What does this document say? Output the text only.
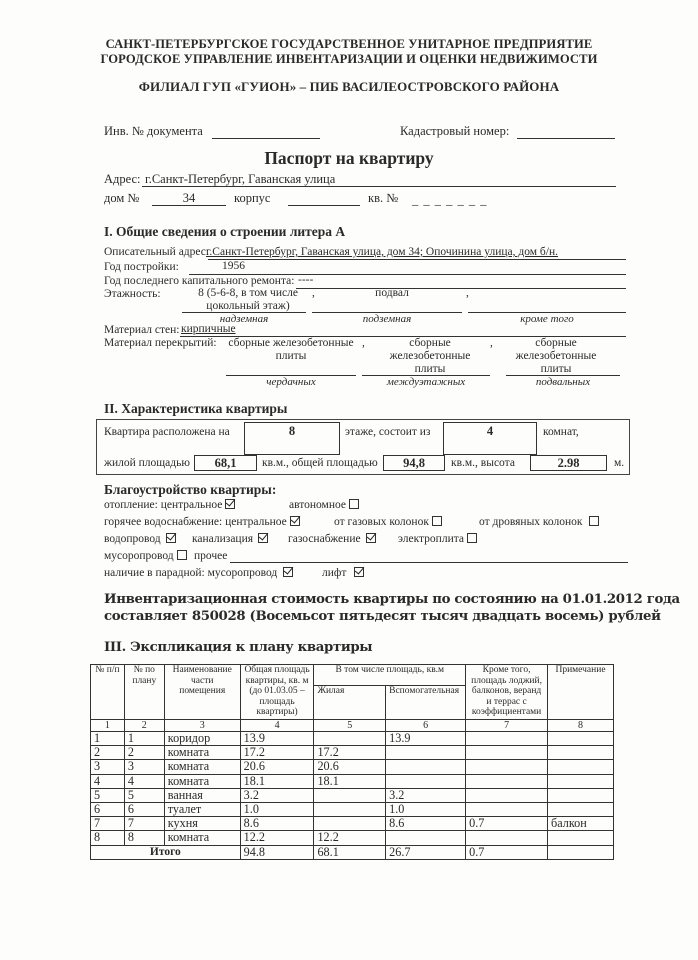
САНКТ-ПЕТЕРБУРГСКОЕ ГОСУДАРСТВЕННОЕ УНИТАРНОЕ ПРЕДПРИЯТИЕ
ГОРОДСКОЕ УПРАВЛЕНИЕ ИНВЕНТАРИЗАЦИИ И ОЦЕНКИ НЕДВИЖИМОСТИ
ФИЛИАЛ ГУП «ГУИОН» – ПИБ ВАСИЛЕОСТРОВСКОГО РАЙОНА
Инв. № документа	Кадастровый номер:
Паспорт на квартиру
Адрес: г.Санкт-Петербург, Гаванская улица
дом №	34	корпус	кв. № _ _ _ _ _ _ _
I. Общие сведения о строении литера А
Описательный адрес:
г.Санкт-Петербург, Гаванская улица, дом 34; Опочинина улица, дом б/н.
Год постройки:	1956
Год последнего капитального ремонта: ----
Этажность:	8 (5-6-8, в том числе
цокольный этаж)
,	подвал	,
надземная	подземная	кроме того
Материал стен: кирпичные
Материал перекрытий: сборные железобетонные плиты
,	сборные железобетонные плиты
,	сборные железобетонные плиты
чердачных	междуэтажных	подвальных
II. Характеристика квартиры
Квартира расположена на	8	этаже, состоит из	4	комнат,
жилой площадью	68,1	кв.м., общей площадью	94,8	кв.м., высота	2.98	м.
Благоустройство квартиры:
отопление: центральное	автономное
горячее водоснабжение: центральное	от газовых колонок	от дровяных колонок
водопровод	канализация	газоснабжение	электроплита
мусоропровод	прочее
наличие в парадной: мусоропровод	лифт
Инвентаризационная стоимость квартиры по состоянию на 01.01.2012 года
составляет 850028 (Восемьсот пятьдесят тысяч двадцать восемь) рублей
III. Экспликация к плану квартиры
№ п/п	№ по плану	Наименование части помещения	Общая площадь квартиры, кв. м (до 01.03.05 – площадь квартиры)	В том числе площадь, кв.м		Кроме того, площадь лоджий, балконов, веранд и террас с коэффициентами	Примечание
				Жилая	Вспомогательная		
1	2	3	4	5	6	7	8
1	1	коридор	13.9		13.9		
2	2	комната	17.2	17.2			
3	3	комната	20.6	20.6			
4	4	комната	18.1	18.1			
5	5	ванная	3.2		3.2		
6	6	туалет	1.0		1.0		
7	7	кухня	8.6		8.6	0.7	балкон
8	8	комната	12.2	12.2			
Итого			94.8	68.1	26.7	0.7	
